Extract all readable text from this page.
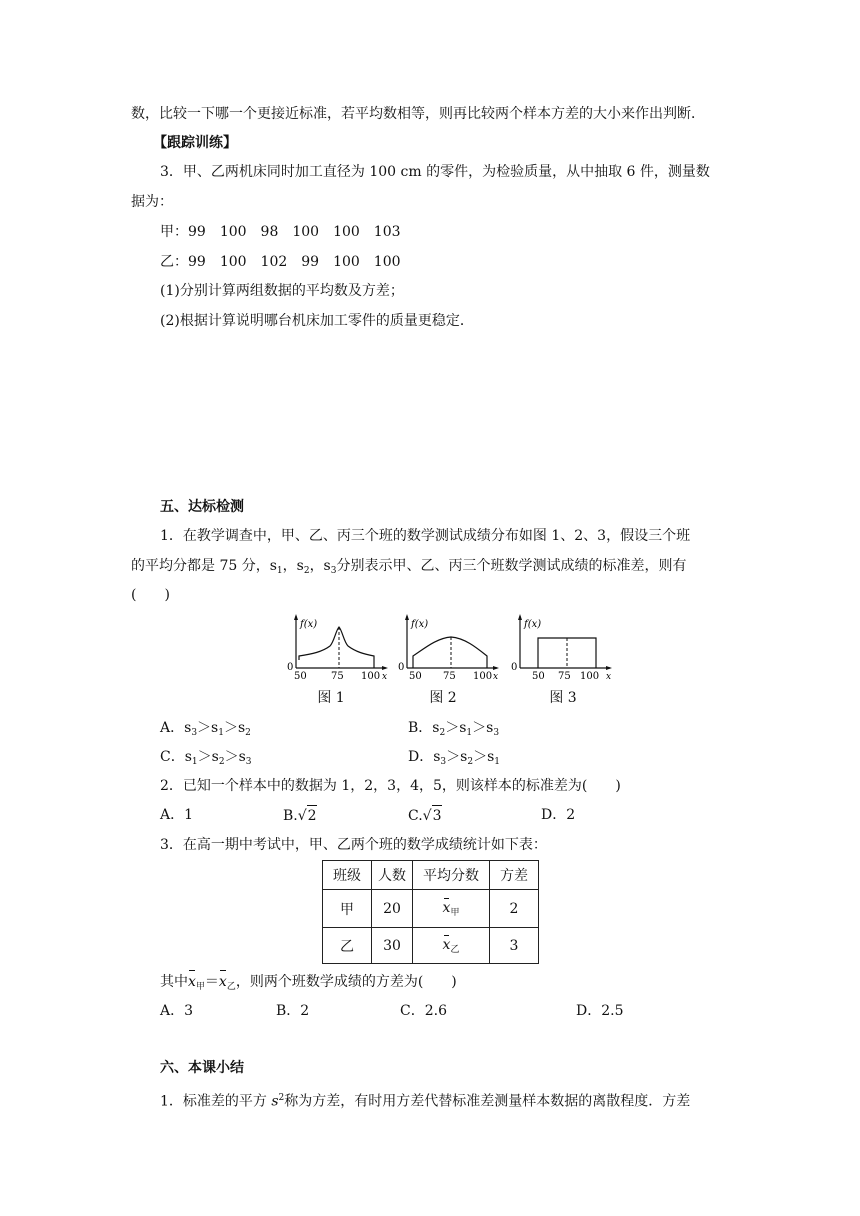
数，比较一下哪一个更接近标准，若平均数相等，则再比较两个样本方差的大小来作出判断．
【跟踪训练】
3．甲、乙两机床同时加工直径为 100 cm 的零件，为检验质量，从中抽取 6 件，测量数
据为：
甲：99　100　98　100　100　103
乙：99　100　102　99　100　100
(1)分别计算两组数据的平均数及方差；
(2)根据计算说明哪台机床加工零件的质量更稳定．
五、达标检测
1．在教学调查中，甲、乙、丙三个班的数学测试成绩分布如图 1、2、3，假设三个班
的平均分都是 75 分，$s_1$，$s_2$，$s_3$分别表示甲、乙、丙三个班数学测试成绩的标准差，则有
(　　)
f(x)
0
50 75 100 x
图 1
f(x)
0
50 75 100 x
图 2
f(x)
0
50 75 100 x
图 3
A．$s_3>s_1>s_2$	B．$s_2>s_1>s_3$
C．$s_1>s_2>s_3$	D．$s_3>s_2>s_1$
2．已知一个样本中的数据为 1，2，3，4，5，则该样本的标准差为(　　)
A．1	B.√2	C.√3	D．2
3．在高一期中考试中，甲、乙两个班的数学成绩统计如下表：
班级	人数	平均分数	方差
甲	20	$x_甲$	2
乙	30	$x_乙$	3
其中$x_甲=x_乙$，则两个班数学成绩的方差为(　　)
A．3	B．2	C．2.6	D．2.5
六、本课小结
1．标准差的平方 $s^2$称为方差，有时用方差代替标准差测量样本数据的离散程度．方差
